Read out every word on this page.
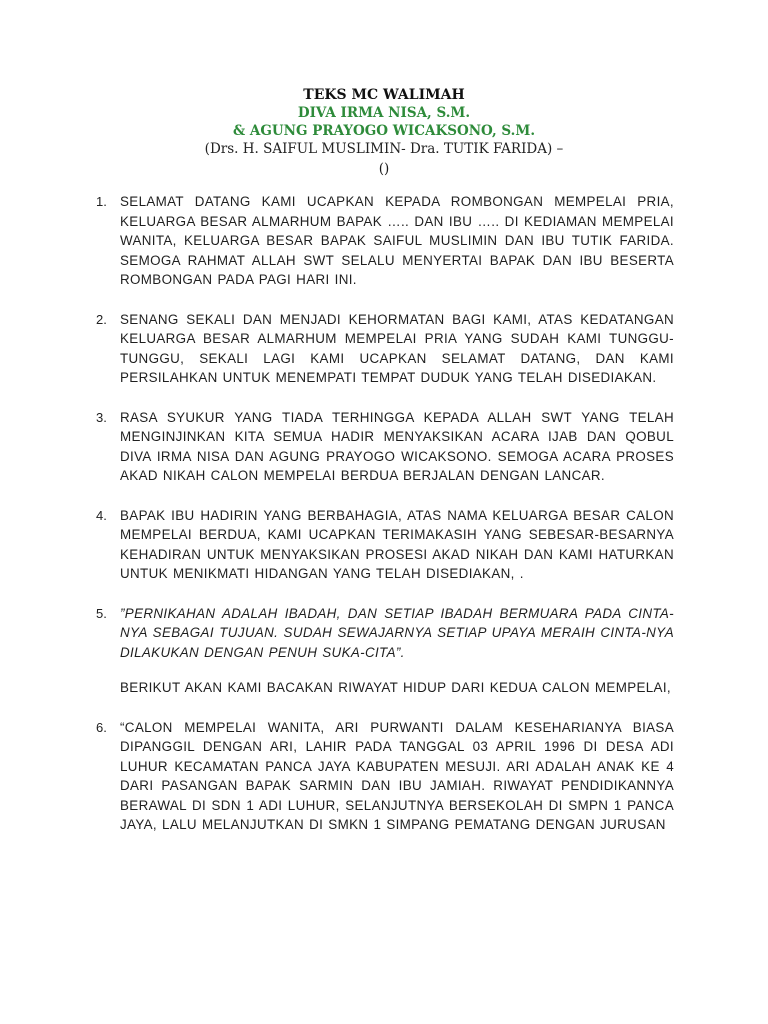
TEKS MC WALIMAH
DIVA IRMA NISA, S.M.
& AGUNG PRAYOGO WICAKSONO, S.M.
(Drs. H. SAIFUL MUSLIMIN- Dra. TUTIK FARIDA) –
()
1. SELAMAT DATANG KAMI UCAPKAN KEPADA ROMBONGAN MEMPELAI PRIA, KELUARGA BESAR ALMARHUM BAPAK ….. DAN IBU ….. DI KEDIAMAN MEMPELAI WANITA, KELUARGA BESAR BAPAK SAIFUL MUSLIMIN DAN IBU TUTIK FARIDA. SEMOGA RAHMAT ALLAH SWT SELALU MENYERTAI BAPAK DAN IBU BESERTA ROMBONGAN PADA PAGI HARI INI.
2. SENANG SEKALI DAN MENJADI KEHORMATAN BAGI KAMI, ATAS KEDATANGAN KELUARGA BESAR ALMARHUM MEMPELAI PRIA YANG SUDAH KAMI TUNGGU-TUNGGU, SEKALI LAGI KAMI UCAPKAN SELAMAT DATANG, DAN KAMI PERSILAHKAN UNTUK MENEMPATI TEMPAT DUDUK YANG TELAH DISEDIAKAN.
3. RASA SYUKUR YANG TIADA TERHINGGA KEPADA ALLAH SWT YANG TELAH MENGINJINKAN KITA SEMUA HADIR MENYAKSIKAN ACARA IJAB DAN QOBUL DIVA IRMA NISA DAN AGUNG PRAYOGO WICAKSONO. SEMOGA ACARA PROSES AKAD NIKAH CALON MEMPELAI BERDUA BERJALAN DENGAN LANCAR.
4. BAPAK IBU HADIRIN YANG BERBAHAGIA, ATAS NAMA KELUARGA BESAR CALON MEMPELAI BERDUA, KAMI UCAPKAN TERIMAKASIH YANG SEBESAR-BESARNYA KEHADIRAN UNTUK MENYAKSIKAN PROSESI AKAD NIKAH DAN KAMI HATURKAN UNTUK MENIKMATI HIDANGAN YANG TELAH DISEDIAKAN, .
5. ”PERNIKAHAN ADALAH IBADAH, DAN SETIAP IBADAH BERMUARA PADA CINTA-NYA SEBAGAI TUJUAN. SUDAH SEWAJARNYA SETIAP UPAYA MERAIH CINTA-NYA DILAKUKAN DENGAN PENUH SUKA-CITA”.
BERIKUT AKAN KAMI BACAKAN RIWAYAT HIDUP DARI KEDUA CALON MEMPELAI,
6. “CALON MEMPELAI WANITA, ARI PURWANTI DALAM KESEHARIANYA BIASA DIPANGGIL DENGAN ARI, LAHIR PADA TANGGAL 03 APRIL 1996 DI DESA ADI LUHUR KECAMATAN PANCA JAYA KABUPATEN MESUJI. ARI ADALAH ANAK KE 4 DARI PASANGAN BAPAK SARMIN DAN IBU JAMIAH. RIWAYAT PENDIDIKANNYA BERAWAL DI SDN 1 ADI LUHUR, SELANJUTNYA BERSEKOLAH DI SMPN 1 PANCA JAYA, LALU MELANJUTKAN DI SMKN 1 SIMPANG PEMATANG DENGAN JURUSAN
